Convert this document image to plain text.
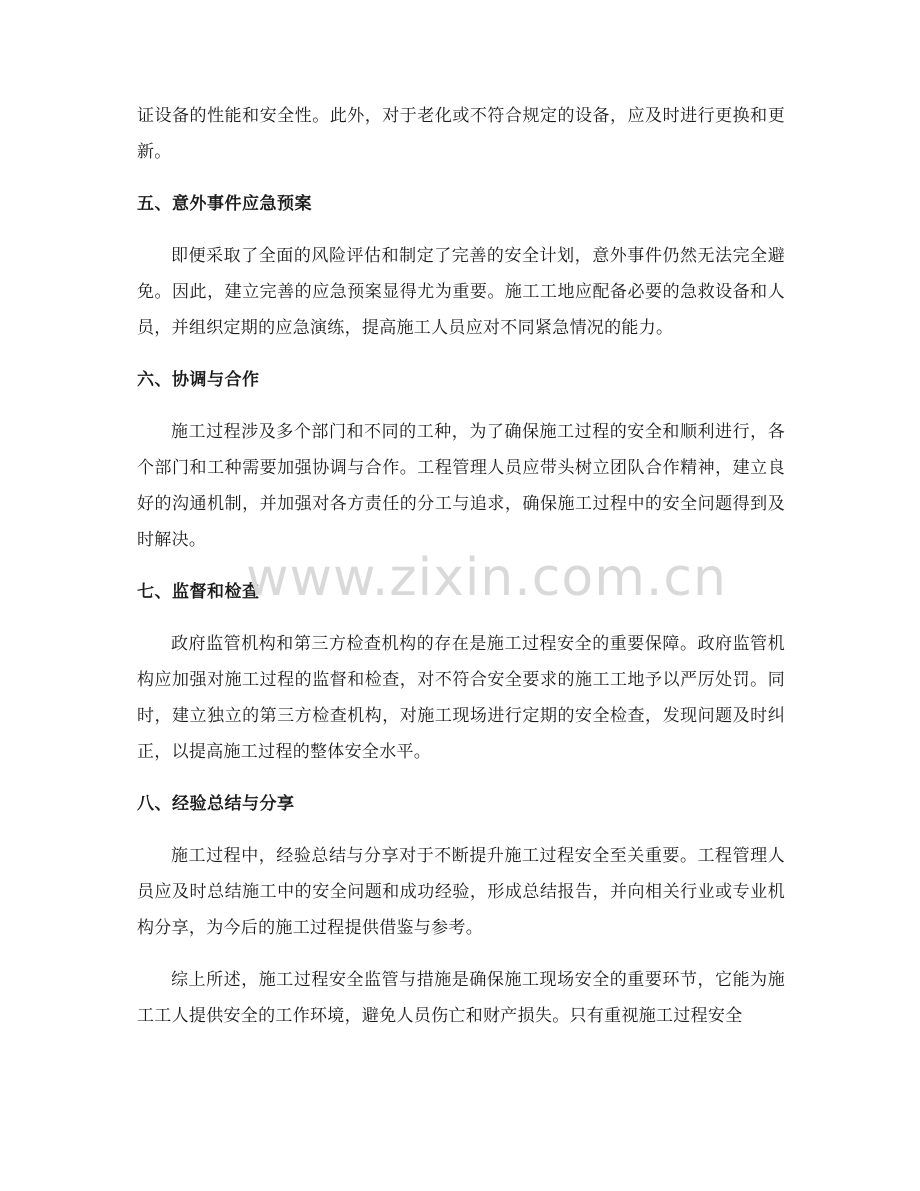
证设备的性能和安全性。此外，对于老化或不符合规定的设备，应及时进行更换和更新。

五、意外事件应急预案

即便采取了全面的风险评估和制定了完善的安全计划，意外事件仍然无法完全避免。因此，建立完善的应急预案显得尤为重要。施工工地应配备必要的急救设备和人员，并组织定期的应急演练，提高施工人员应对不同紧急情况的能力。

六、协调与合作

施工过程涉及多个部门和不同的工种，为了确保施工过程的安全和顺利进行，各个部门和工种需要加强协调与合作。工程管理人员应带头树立团队合作精神，建立良好的沟通机制，并加强对各方责任的分工与追求，确保施工过程中的安全问题得到及时解决。

七、监督和检查

政府监管机构和第三方检查机构的存在是施工过程安全的重要保障。政府监管机构应加强对施工过程的监督和检查，对不符合安全要求的施工工地予以严厉处罚。同时，建立独立的第三方检查机构，对施工现场进行定期的安全检查，发现问题及时纠正，以提高施工过程的整体安全水平。

八、经验总结与分享

施工过程中，经验总结与分享对于不断提升施工过程安全至关重要。工程管理人员应及时总结施工中的安全问题和成功经验，形成总结报告，并向相关行业或专业机构分享，为今后的施工过程提供借鉴与参考。

综上所述，施工过程安全监管与措施是确保施工现场安全的重要环节，它能为施工工人提供安全的工作环境，避免人员伤亡和财产损失。只有重视施工过程安全

www.zixin.com.cn
